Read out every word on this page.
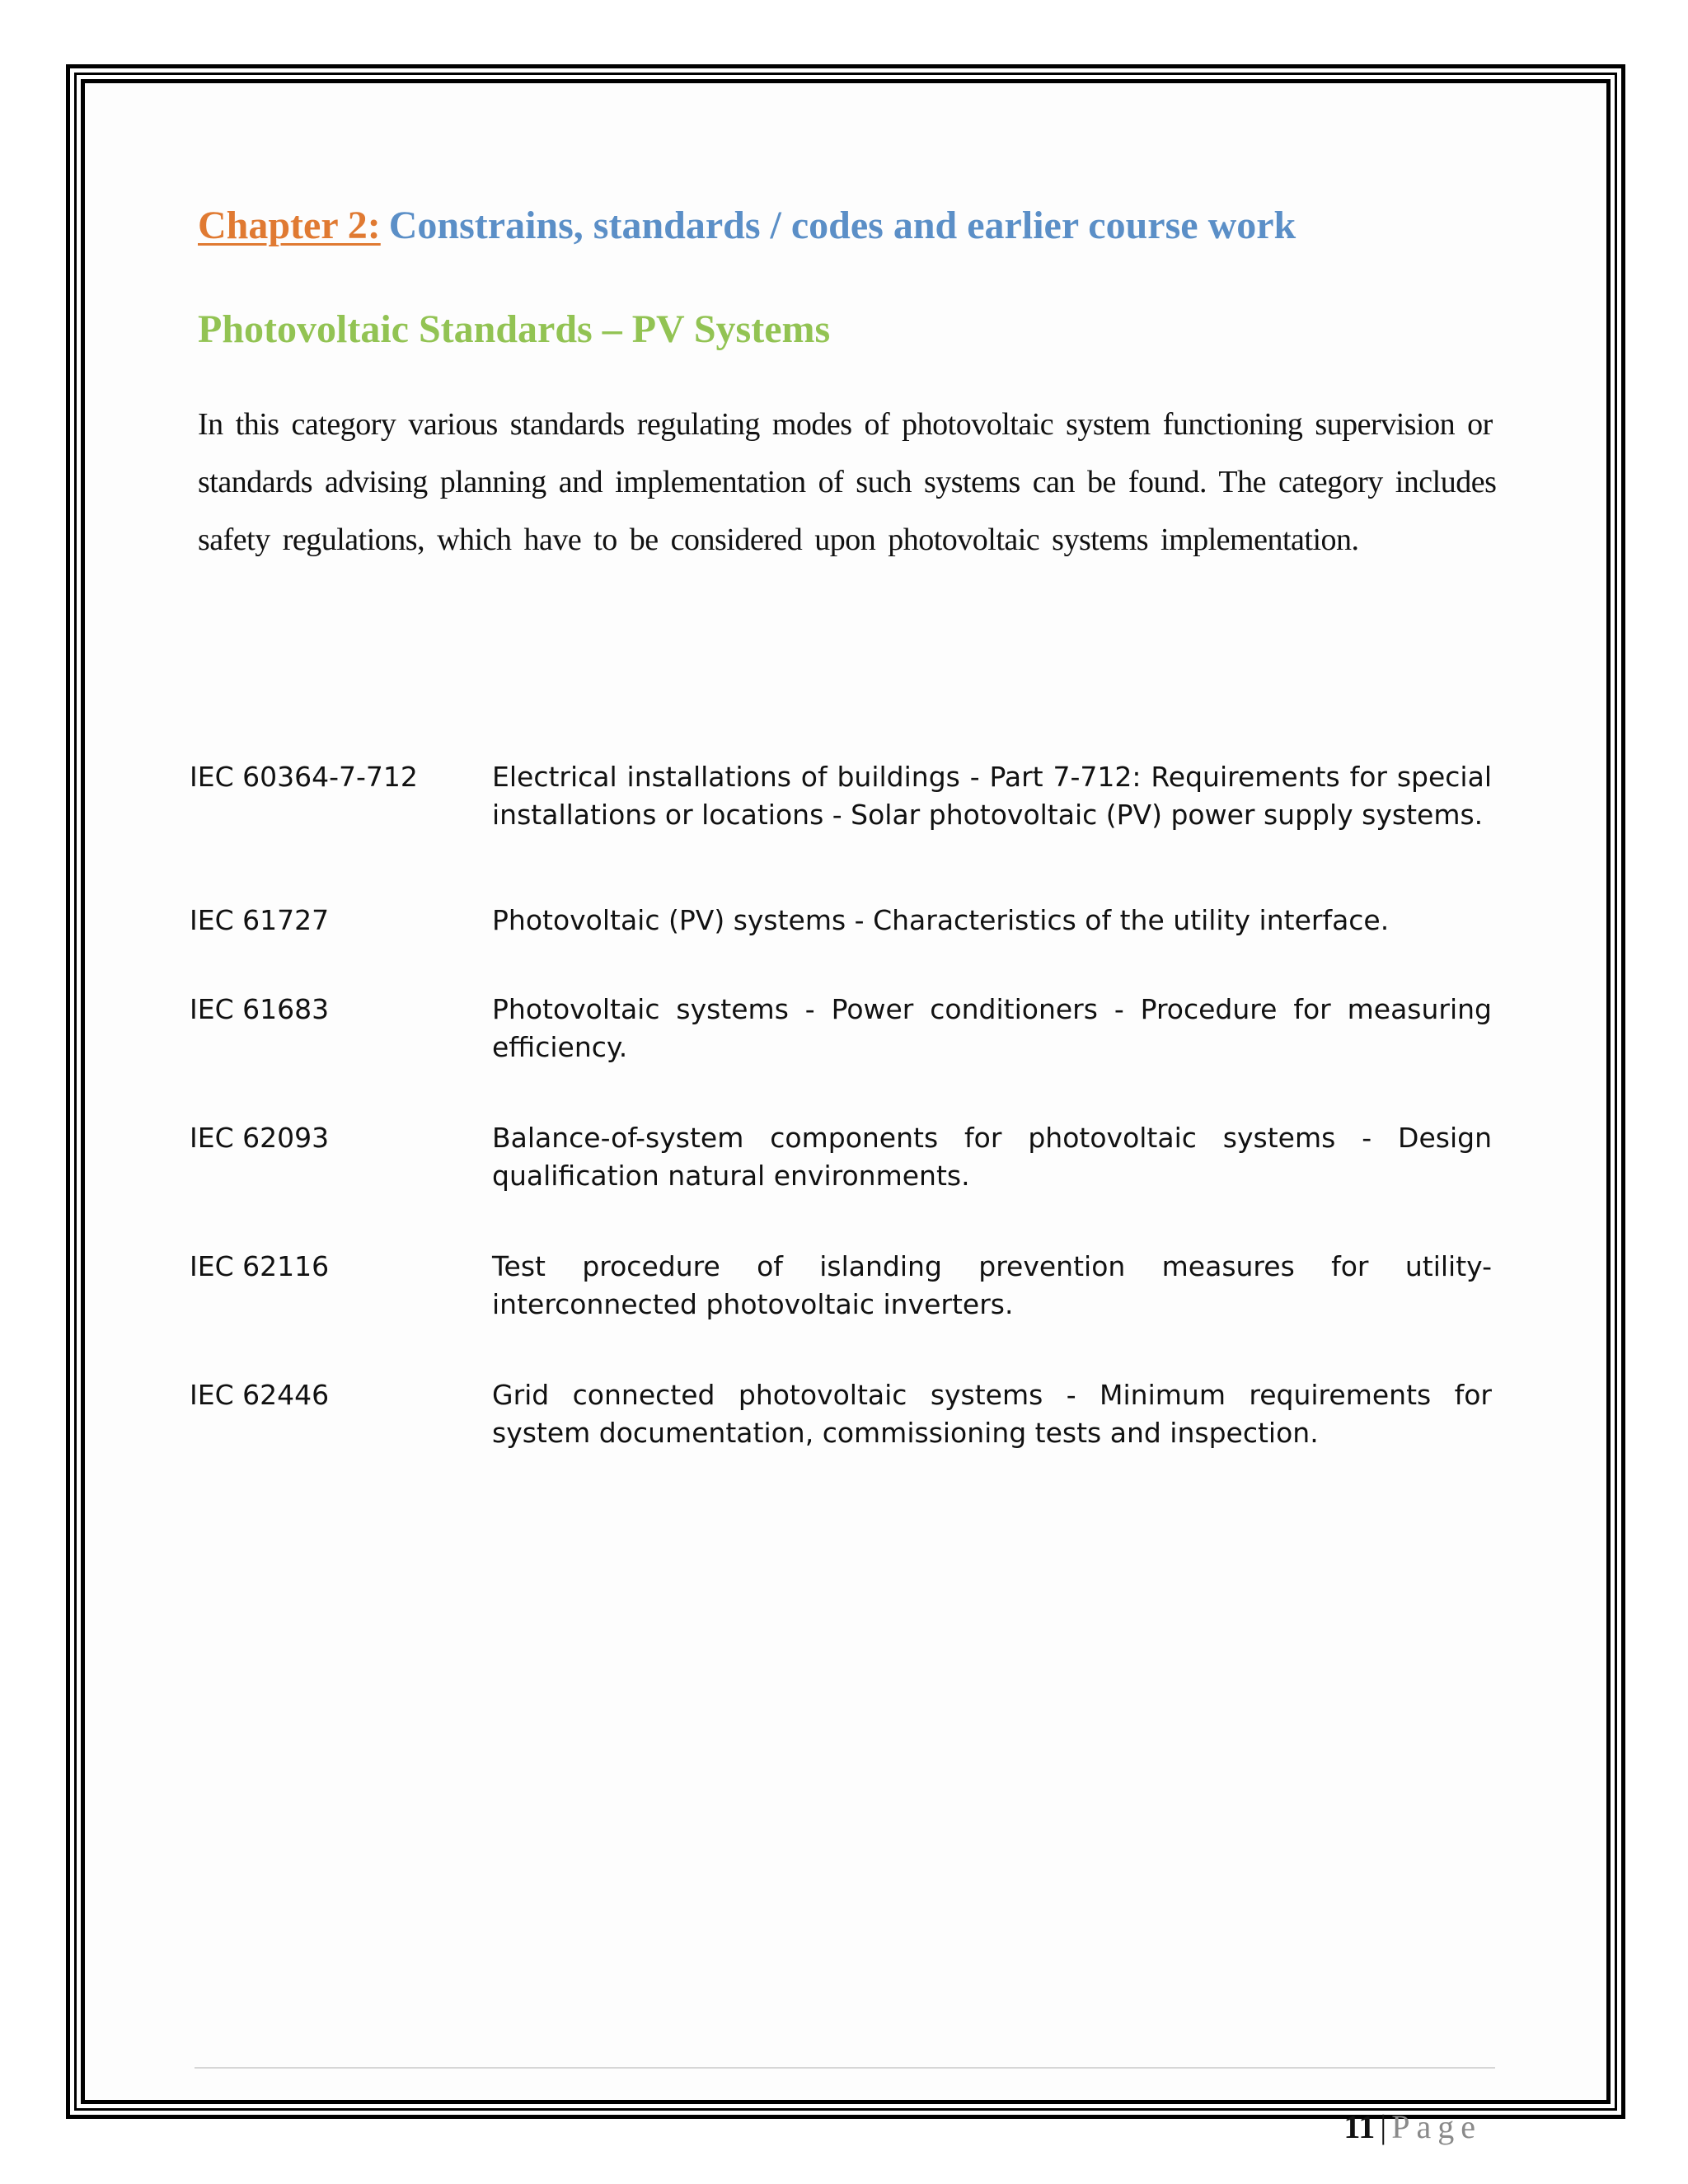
Chapter 2: Constrains, standards / codes and earlier course work
Photovoltaic Standards – PV Systems

In this category various standards regulating modes of photovoltaic system functioning supervision or standards advising planning and implementation of such systems can be found. The category includes safety regulations, which have to be considered upon photovoltaic systems implementation.

IEC 60364-7-712	Electrical installations of buildings - Part 7-712: Requirements for special installations or locations - Solar photovoltaic (PV) power supply systems.
IEC 61727	Photovoltaic (PV) systems - Characteristics of the utility interface.
IEC 61683	Photovoltaic systems - Power conditioners - Procedure for measuring efficiency.
IEC 62093	Balance-of-system components for photovoltaic systems - Design qualification natural environments.
IEC 62116	Test procedure of islanding prevention measures for utility-interconnected photovoltaic inverters.
IEC 62446	Grid connected photovoltaic systems - Minimum requirements for system documentation, commissioning tests and inspection.
11 | Page
